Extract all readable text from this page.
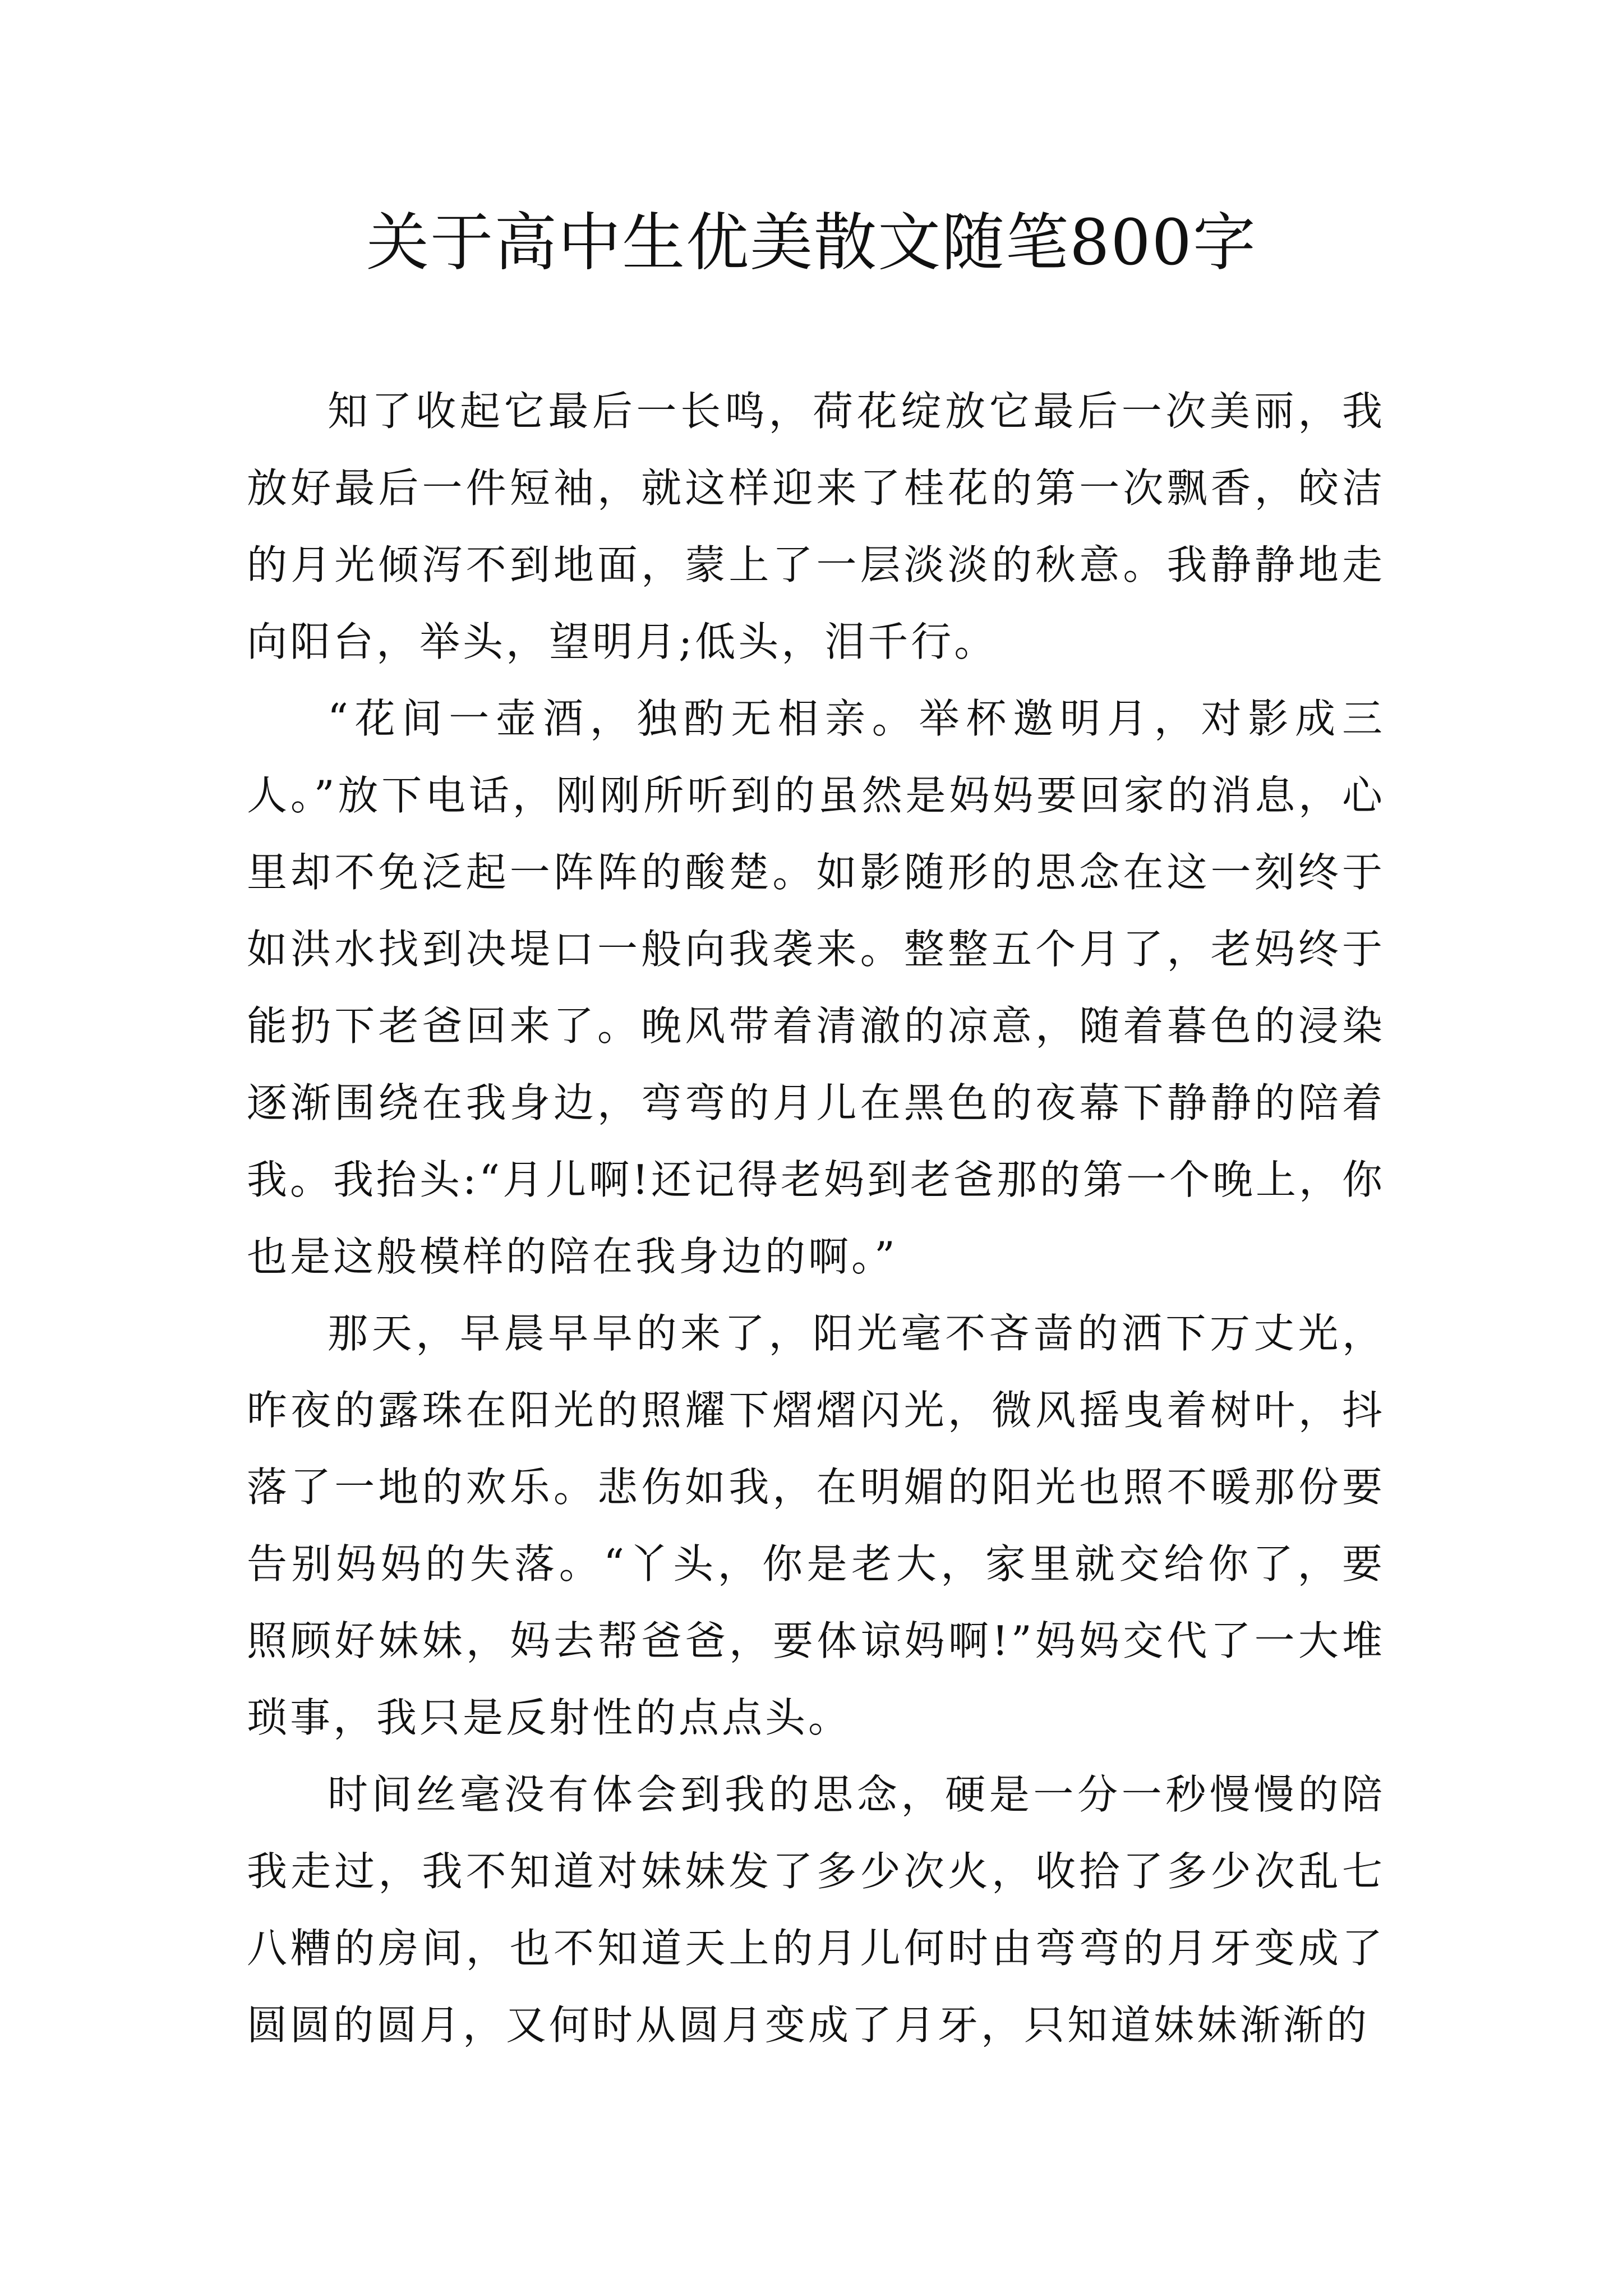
关于高中生优美散文随笔800字

知了收起它最后一长鸣，荷花绽放它最后一次美丽，我放好最后一件短袖，就这样迎来了桂花的第一次飘香，皎洁的月光倾泻不到地面，蒙上了一层淡淡的秋意。我静静地走向阳台，举头，望明月;低头，泪千行。

“花间一壶酒，独酌无相亲。举杯邀明月，对影成三人。”放下电话，刚刚所听到的虽然是妈妈要回家的消息，心里却不免泛起一阵阵的酸楚。如影随形的思念在这一刻终于如洪水找到决堤口一般向我袭来。整整五个月了，老妈终于能扔下老爸回来了。晚风带着清澈的凉意，随着暮色的浸染逐渐围绕在我身边，弯弯的月儿在黑色的夜幕下静静的陪着我。我抬头:“月儿啊!还记得老妈到老爸那的第一个晚上，你也是这般模样的陪在我身边的啊。”

那天，早晨早早的来了，阳光毫不吝啬的洒下万丈光，昨夜的露珠在阳光的照耀下熠熠闪光，微风摇曳着树叶，抖落了一地的欢乐。悲伤如我，在明媚的阳光也照不暖那份要告别妈妈的失落。“丫头，你是老大，家里就交给你了，要照顾好妹妹，妈去帮爸爸，要体谅妈啊!”妈妈交代了一大堆琐事，我只是反射性的点点头。

时间丝毫没有体会到我的思念，硬是一分一秒慢慢的陪我走过，我不知道对妹妹发了多少次火，收拾了多少次乱七八糟的房间，也不知道天上的月儿何时由弯弯的月牙变成了圆圆的圆月，又何时从圆月变成了月牙，只知道妹妹渐渐的
